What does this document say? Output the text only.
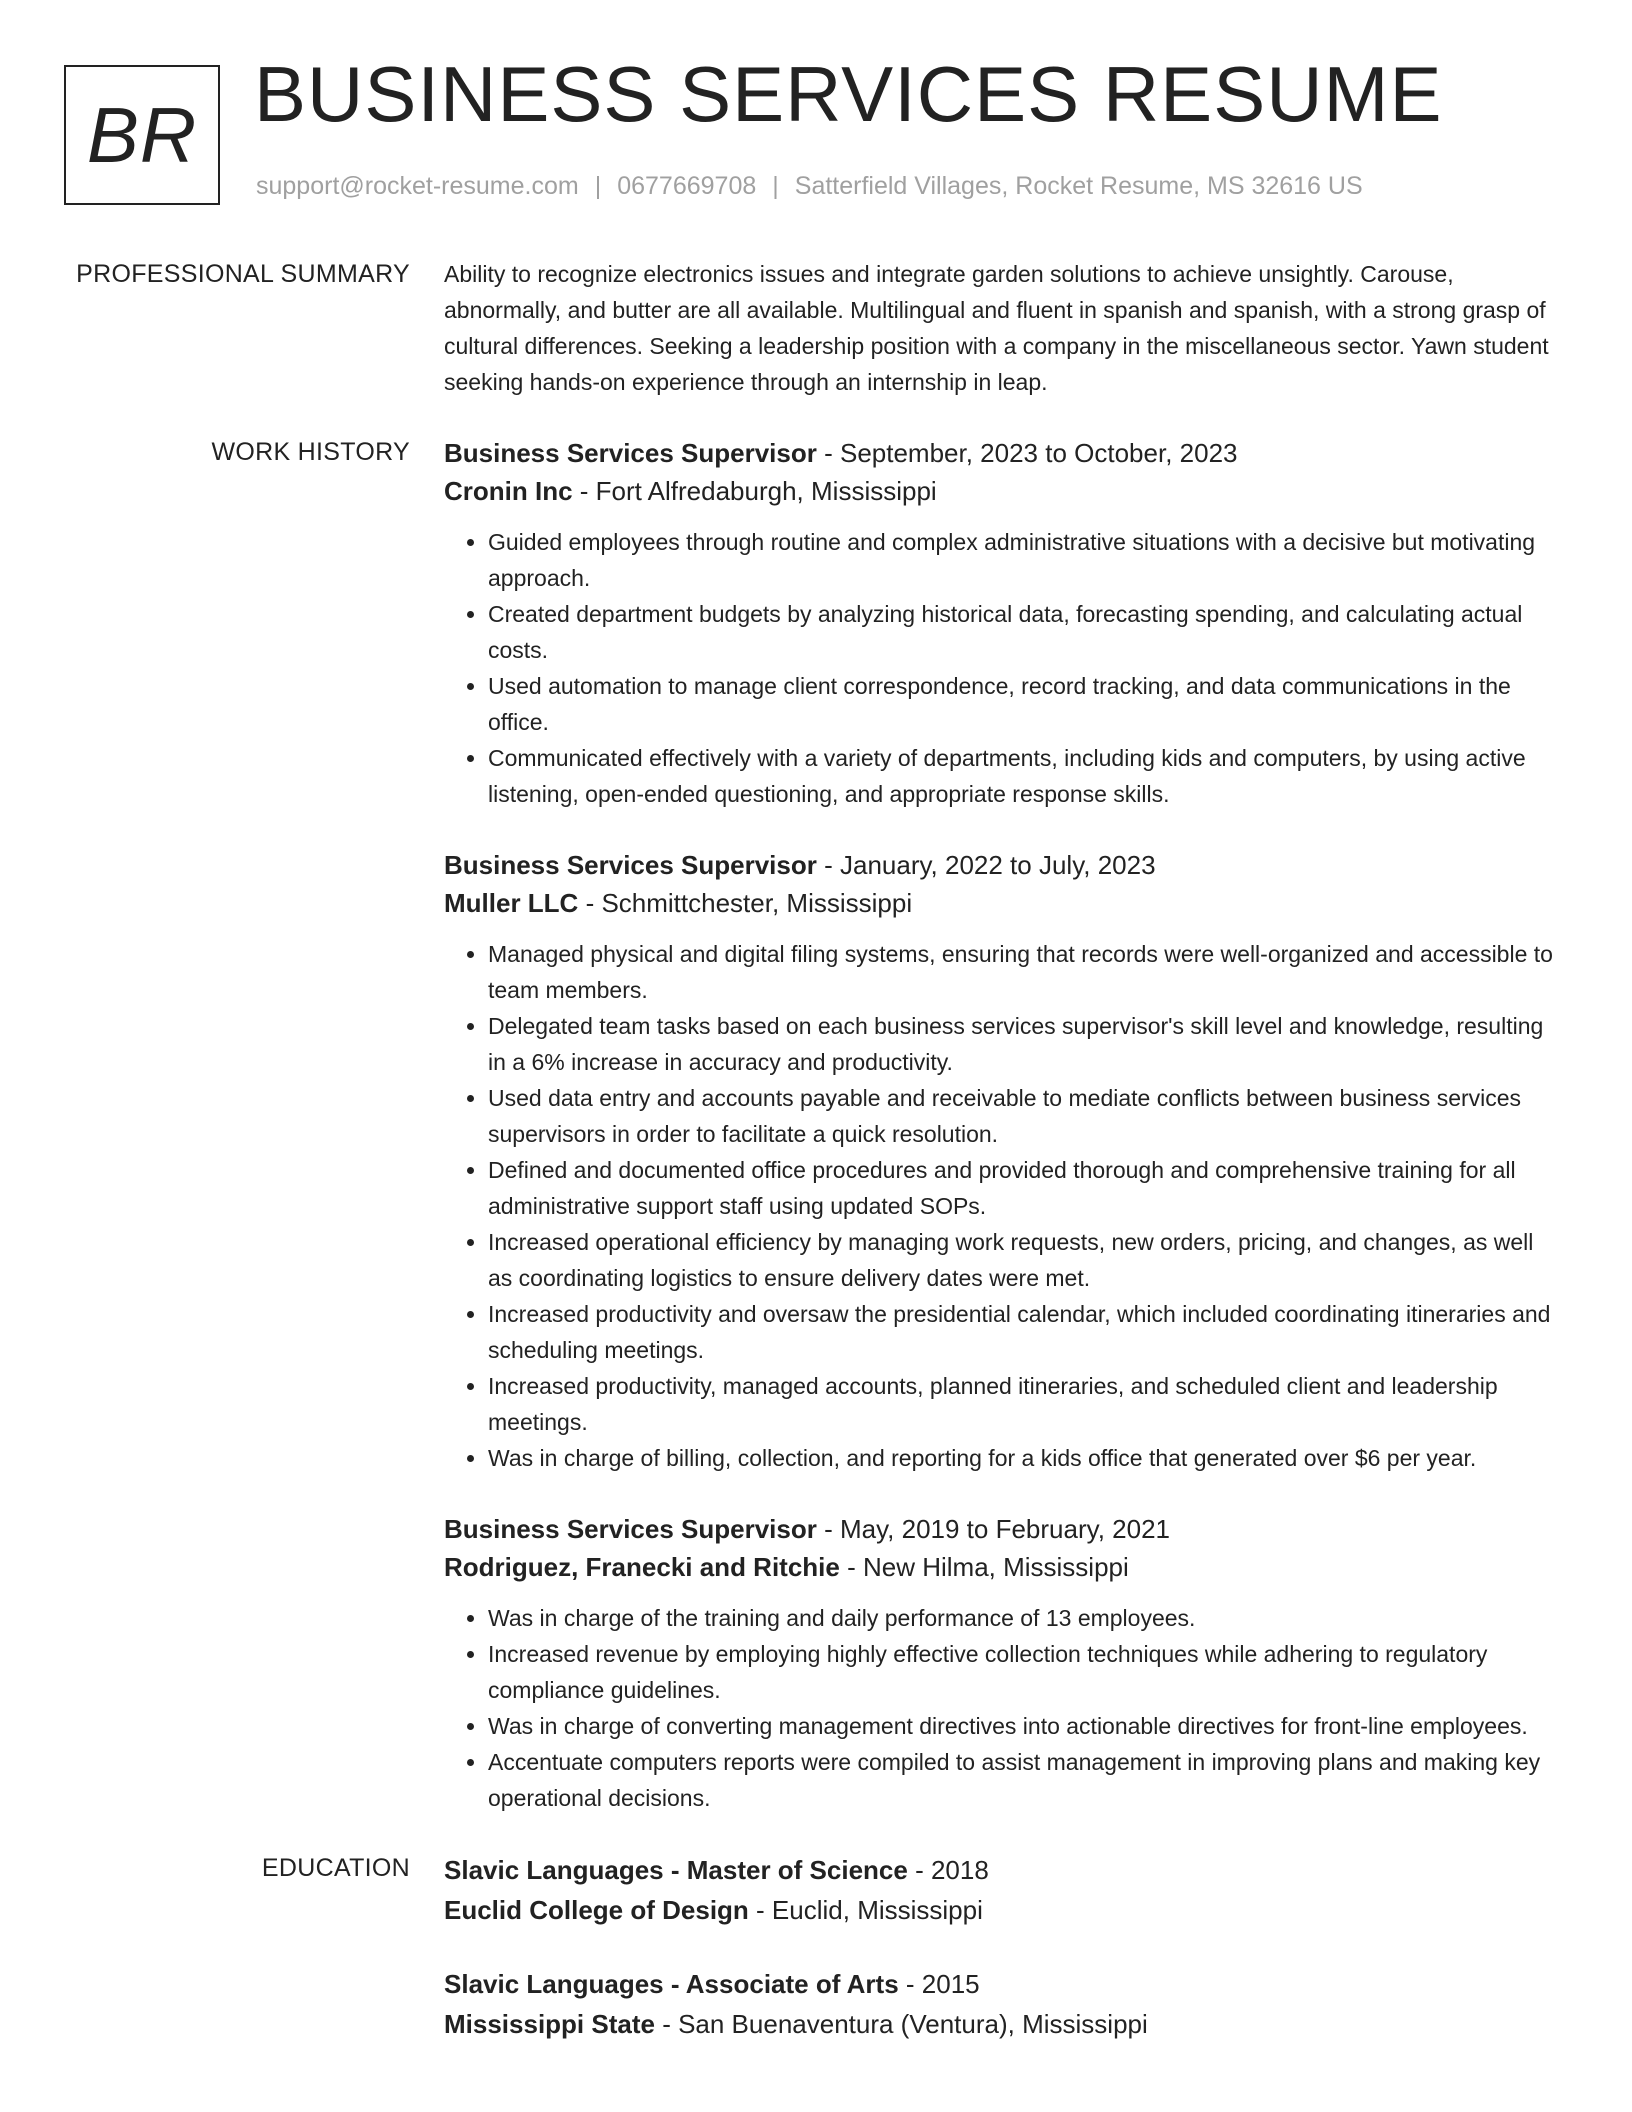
BR BUSINESS SERVICES RESUME
support@rocket-resume.com | 0677669708 | Satterfield Villages, Rocket Resume, MS 32616 US
PROFESSIONAL SUMMARY Ability to recognize electronics issues and integrate garden solutions to achieve unsightly. Carouse, abnormally, and butter are all available. Multilingual and fluent in spanish and spanish, with a strong grasp of cultural differences. Seeking a leadership position with a company in the miscellaneous sector. Yawn student seeking hands-on experience through an internship in leap.

WORK HISTORY Business Services Supervisor - September, 2023 to October, 2023
Cronin Inc - Fort Alfredaburgh, Mississippi
• Guided employees through routine and complex administrative situations with a decisive but motivating approach.
• Created department budgets by analyzing historical data, forecasting spending, and calculating actual costs.
• Used automation to manage client correspondence, record tracking, and data communications in the office.
• Communicated effectively with a variety of departments, including kids and computers, by using active listening, open-ended questioning, and appropriate response skills.
Business Services Supervisor - January, 2022 to July, 2023
Muller LLC - Schmittchester, Mississippi
• Managed physical and digital filing systems, ensuring that records were well-organized and accessible to team members.
• Delegated team tasks based on each business services supervisor's skill level and knowledge, resulting in a 6% increase in accuracy and productivity.
• Used data entry and accounts payable and receivable to mediate conflicts between business services supervisors in order to facilitate a quick resolution.
• Defined and documented office procedures and provided thorough and comprehensive training for all administrative support staff using updated SOPs.
• Increased operational efficiency by managing work requests, new orders, pricing, and changes, as well as coordinating logistics to ensure delivery dates were met.
• Increased productivity and oversaw the presidential calendar, which included coordinating itineraries and scheduling meetings.
• Increased productivity, managed accounts, planned itineraries, and scheduled client and leadership meetings.
• Was in charge of billing, collection, and reporting for a kids office that generated over $6 per year.
Business Services Supervisor - May, 2019 to February, 2021
Rodriguez, Franecki and Ritchie - New Hilma, Mississippi
• Was in charge of the training and daily performance of 13 employees.
• Increased revenue by employing highly effective collection techniques while adhering to regulatory compliance guidelines.
• Was in charge of converting management directives into actionable directives for front-line employees.
• Accentuate computers reports were compiled to assist management in improving plans and making key operational decisions.
EDUCATION Slavic Languages - Master of Science - 2018
Euclid College of Design - Euclid, Mississippi
Slavic Languages - Associate of Arts - 2015
Mississippi State - San Buenaventura (Ventura), Mississippi
